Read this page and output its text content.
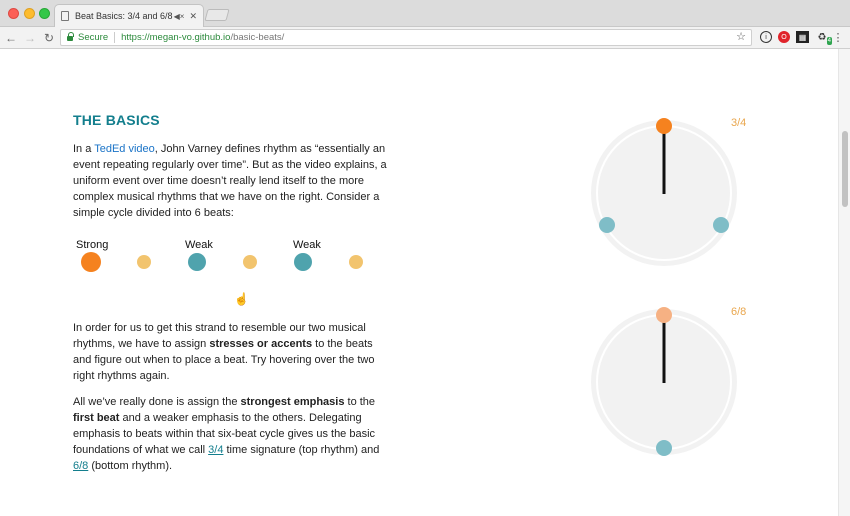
Beat Basics: 3/4 and 6/8 ◀× ✕
← → ↻	Secure https://megan-vo.github.io /basic-beats/	☆	i	O	▦ ♻ 4 ⋮
THE BASICS

In a TedEd video, John Varney defines rhythm as “essentially an event repeating regularly over time”. But as the video explains, a uniform event over time doesn’t really lend itself to the more complex musical rhythms that we have on the right. Consider a simple cycle divided into 6 beats:

Strong	Weak	Weak
☝

In order for us to get this strand to resemble our two musical rhythms, we have to assign stresses or accents to the beats and figure out when to place a beat. Try hovering over the two right rhythms again.

All we’ve really done is assign the strongest emphasis to the first beat and a weaker emphasis to the others. Delegating emphasis to beats within that six-beat cycle gives us the basic foundations of what we call 3/4 time signature (top rhythm) and 6/8 (bottom rhythm).

3/4
6/8
